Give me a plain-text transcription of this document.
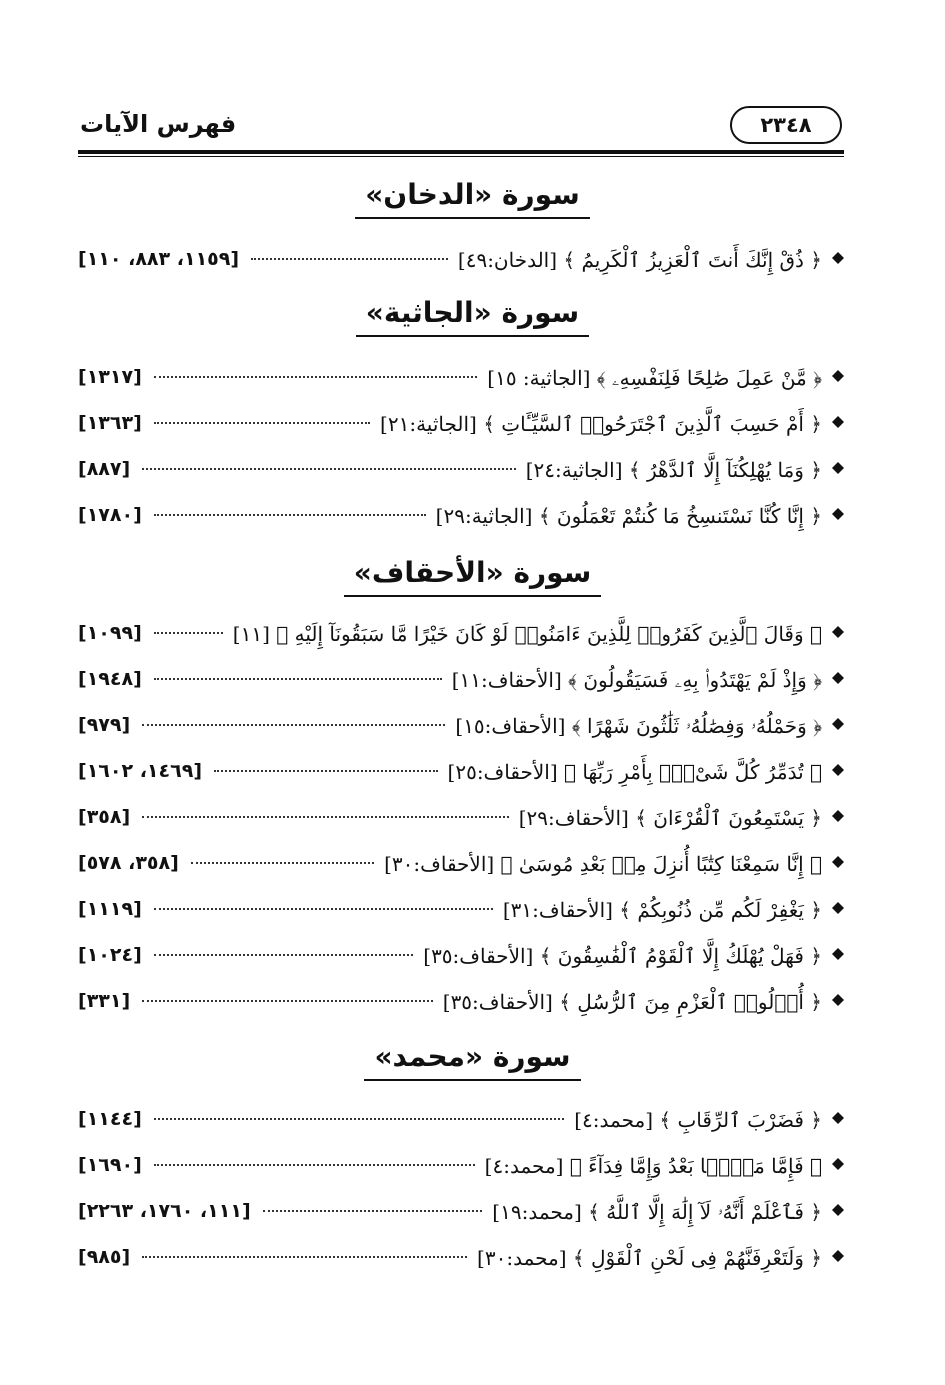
فهرس الآيات	٢٣٤٨
سورة «الدخان»
﴿ ذُقْ إِنَّكَ أَنتَ ٱلْعَزِيزُ ٱلْكَرِيمُ ﴾ [الدخان:٤٩]
[١١٥٩، ٨٨٣، ١١٠]
سورة «الجاثية»
﴿ مَّنْ عَمِلَ صَٰلِحًا فَلِنَفْسِهِۦ ﴾ [الجاثية: ١٥]
[١٣١٧]
﴿ أَمْ حَسِبَ ٱلَّذِينَ ٱجْتَرَحُوا۟ ٱلسَّيِّـَٔاتِ ﴾ [الجاثية:٢١]
[١٣٦٣]
﴿ وَمَا يُهْلِكُنَآ إِلَّا ٱلدَّهْرُ ﴾ [الجاثية:٢٤]
[٨٨٧]
﴿ إِنَّا كُنَّا نَسْتَنسِخُ مَا كُنتُمْ تَعْمَلُونَ ﴾ [الجاثية:٢٩]
[١٧٨٠]
سورة «الأحقاف»
﴿ وَقَالَ ٱلَّذِينَ كَفَرُوا۟ لِلَّذِينَ ءَامَنُوا۟ لَوْ كَانَ خَيْرًا مَّا سَبَقُونَآ إِلَيْهِ ﴾ [١١]
[١٠٩٩]
﴿ وَإِذْ لَمْ يَهْتَدُوا۟ بِهِۦ فَسَيَقُولُونَ ﴾ [الأحقاف:١١]
[١٩٤٨]
﴿ وَحَمْلُهُۥ وَفِصَٰلُهُۥ ثَلَٰثُونَ شَهْرًا ﴾ [الأحقاف:١٥]
[٩٧٩]
﴿ تُدَمِّرُ كُلَّ شَىْءٍۭ بِأَمْرِ رَبِّهَا ﴾ [الأحقاف:٢٥]
[١٤٦٩، ١٦٠٢]
﴿ يَسْتَمِعُونَ ٱلْقُرْءَانَ ﴾ [الأحقاف:٢٩]
[٣٥٨]
﴿ إِنَّا سَمِعْنَا كِتَٰبًا أُنزِلَ مِنۢ بَعْدِ مُوسَىٰ ﴾ [الأحقاف:٣٠]
[٣٥٨، ٥٧٨]
﴿ يَغْفِرْ لَكُم مِّن ذُنُوبِكُمْ ﴾ [الأحقاف:٣١]
[١١١٩]
﴿ فَهَلْ يُهْلَكُ إِلَّا ٱلْقَوْمُ ٱلْفَٰسِقُونَ ﴾ [الأحقاف:٣٥]
[١٠٢٤]
﴿ أُو۟لُوا۟ ٱلْعَزْمِ مِنَ ٱلرُّسُلِ ﴾ [الأحقاف:٣٥]
[٣٣١]
سورة «محمد»
﴿ فَضَرْبَ ٱلرِّقَابِ ﴾ [محمد:٤]
[١١٤٤]
﴿ فَإِمَّا مَنًّۢا بَعْدُ وَإِمَّا فِدَآءً ﴾ [محمد:٤]
[١٦٩٠]
﴿ فَٱعْلَمْ أَنَّهُۥ لَآ إِلَٰهَ إِلَّا ٱللَّهُ ﴾ [محمد:١٩]
[١١١، ١٧٦٠، ٢٢٦٣]
﴿ وَلَتَعْرِفَنَّهُمْ فِى لَحْنِ ٱلْقَوْلِ ﴾ [محمد:٣٠]
[٩٨٥]
